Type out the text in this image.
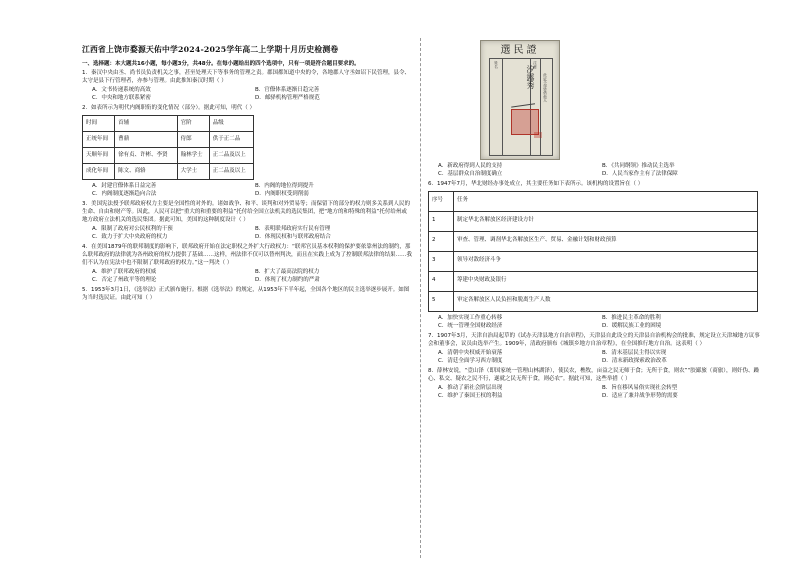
江西省上饶市婺源天佑中学2024-2025学年高二上学期十月历史检测卷

一、选择题：本大题共16小题，每小题3分，共48分。在每小题给出的四个选项中，只有一项是符合题目要求的。

1．秦汉中央由丞、尚书员负责机关之事，甚至处理天下等事务的管理之责。郡国都知道中央的令，各地郡人守丞如诏下民管理，县令、太守是县下行管理者，亦参与管理。由此推知秦汉时期（ ）

A．文书传递系统的高效	B．官僚体系逐渐日趋完善
C．中央和地方联系紧密	D．邮驿机构管理严格规范

2．如表所示为明代内阁职衔的变化情况（部分）。据此可知，明代（ ）

时间	首辅	官阶	品级
正统年间	曹鼐	侍郎	供于正二品
天顺年间	徐有贞、许彬、李贤	翰林学士	正二品及以上
成化年间	陈文、商辂	大学士	正二品及以上
A．封建官僚体系日益完善	B．内阁的地位得到提升
C．内阁制度逐渐趋向合法	D．内阁职权受到削弱

3．美国宪法授予联邦政府权力主要是全国性的对外的。诸如战争、和平、谈判和对外贸易等；而保留下的部分的权力则多关系到人民的生命、自由和财产等。因此，人民可以把“重大的和重要的利益”托付给全国立法机关的选民集团，把“地方的和特殊的利益”托付给州或地方政府立法机关的选民集团。据此可知，美国的这种制度设计（ ）

A．限制了政府对公民权利的干预	B．表明联邦政府实行民有管理
C．致力于扩大中央政府的权力	D．体现民权和与联邦政府结合

4．在美国1879年的联邦制度的影响下，联邦政府开始在法定职权之外扩大行政权力：“联邦官员基本权利的保护要依靠州法的制约，那么联邦政府的法律就为各州政府的权力提供了基础……这样，州法律不仅可以替州判决，而且在实践上成为了控制联邦法律的结果……我们不认为在宪法中也不限制了联邦政府的权力。”这一判决（ ）

A．维护了联邦政府的权威	B．扩大了最高法院的权力
C．否定了州政平等的理论	D．体现了权力制约的严肃

5．1953年3月1日，《选举法》正式颁布施行。根据《选举法》的规定，从1953年下半年起，全国各个地区的民主选举逐步展开。如图为当时选民证。由此可知（ ）

選民證
姓名
汐露秀
注意
此证不得转借他人
A．新政府得到人民的支持	B．《共同纲领》推动民主选举
C．基层群众自治制度确立	D．人民当家作主有了法律保障

6．1947年7月，华北财经办事处成立，其主要任务如下表所示。该机构的设置旨在（ ）

序号	任务
1	制定华北各解放区经济建设方针
2	审查、管理、调剂华北各解放区生产、贸易、金融计划和财政预算
3	领导对敌经济斗争
4	筹建中央财政及银行
5	审定各解放区人民负担和脱离生产人数
A．加快实现工作重心转移	B．推进民主革命的胜利
C．统一管理全国财政经济	D．缓解民族工业的困境

7．1907年3月，天津自治局起草的《试办天津县地方自治章程》，天津县自此设立的天津县自治机构会的批准，规定设立天津城地方议事会和董事会，议员由选举产生。1909年，清政府颁布《城镇乡地方自治章程》，在全国推行地方自治。这表明（ ）

A．清朝中央权威开始衰落	B．清末基层民主得以实现
C．清廷全面学习西方制度	D．清末新政探索政治改革

8．薛林安说，“壹山泽（即国家统一管理山林湖泽），使民农，樵牧，亩益之民无师于食；无所于食，则农”“胶鄙旅（商旅），则奸伪、躁心、私交、疑农之民不行，遂就之民无所于食，则必农”。据此可知，这些举措（ ）

A．推动了新社会阶层出现	B．旨在移风易俗实现社会转型
C．维护了秦国王权的利益	D．适应了兼并战争形势的需要
